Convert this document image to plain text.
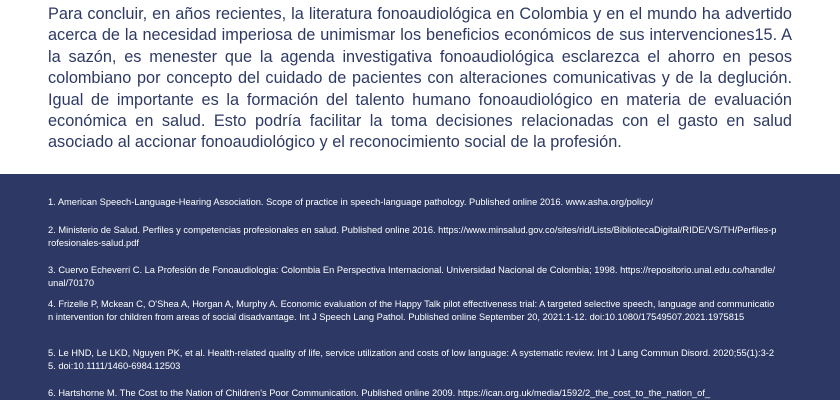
Para concluir, en años recientes, la literatura fonoaudiológica en Colombia y en el mundo ha advertido acerca de la necesidad imperiosa de unimismar los beneficios económicos de sus intervenciones15. A la sazón, es menester que la agenda investigativa fonoaudiológica esclarezca el ahorro en pesos colombiano por concepto del cuidado de pacientes con alteraciones comunicativas y de la deglución. Igual de importante es la formación del talento humano fonoaudiológico en materia de evaluación económica en salud. Esto podría facilitar la toma decisiones relacionadas con el gasto en salud asociado al accionar fonoaudiológico y el reconocimiento social de la profesión.

1. American Speech-Language-Hearing Association. Scope of practice in speech-language pathology. Published online 2016. www.asha.org/policy/

2. Ministerio de Salud. Perfiles y competencias profesionales en salud. Published online 2016. https://www.minsalud.gov.co/sites/rid/Lists/BibliotecaDigital/RIDE/VS/TH/Perfiles-profesionales-salud.pdf

3. Cuervo Echeverri C. La Profesión de Fonoaudiologia: Colombia En Perspectiva Internacional. Universidad Nacional de Colombia; 1998. https://repositorio.unal.edu.co/handle/unal/70170

4. Frizelle P, Mckean C, O'Shea A, Horgan A, Murphy A. Economic evaluation of the Happy Talk pilot effectiveness trial: A targeted selective speech, language and communication intervention for children from areas of social disadvantage. Int J Speech Lang Pathol. Published online September 20, 2021:1-12. doi:10.1080/17549507.2021.1975815

5. Le HND, Le LKD, Nguyen PK, et al. Health-related quality of life, service utilization and costs of low language: A systematic review. Int J Lang Commun Disord. 2020;55(1):3-25. doi:10.1111/1460-6984.12503

6. Hartshorne M. The Cost to the Nation of Children's Poor Communication. Published online 2009. https://ican.org.uk/media/1592/2_the_cost_to_the_nation_of_
